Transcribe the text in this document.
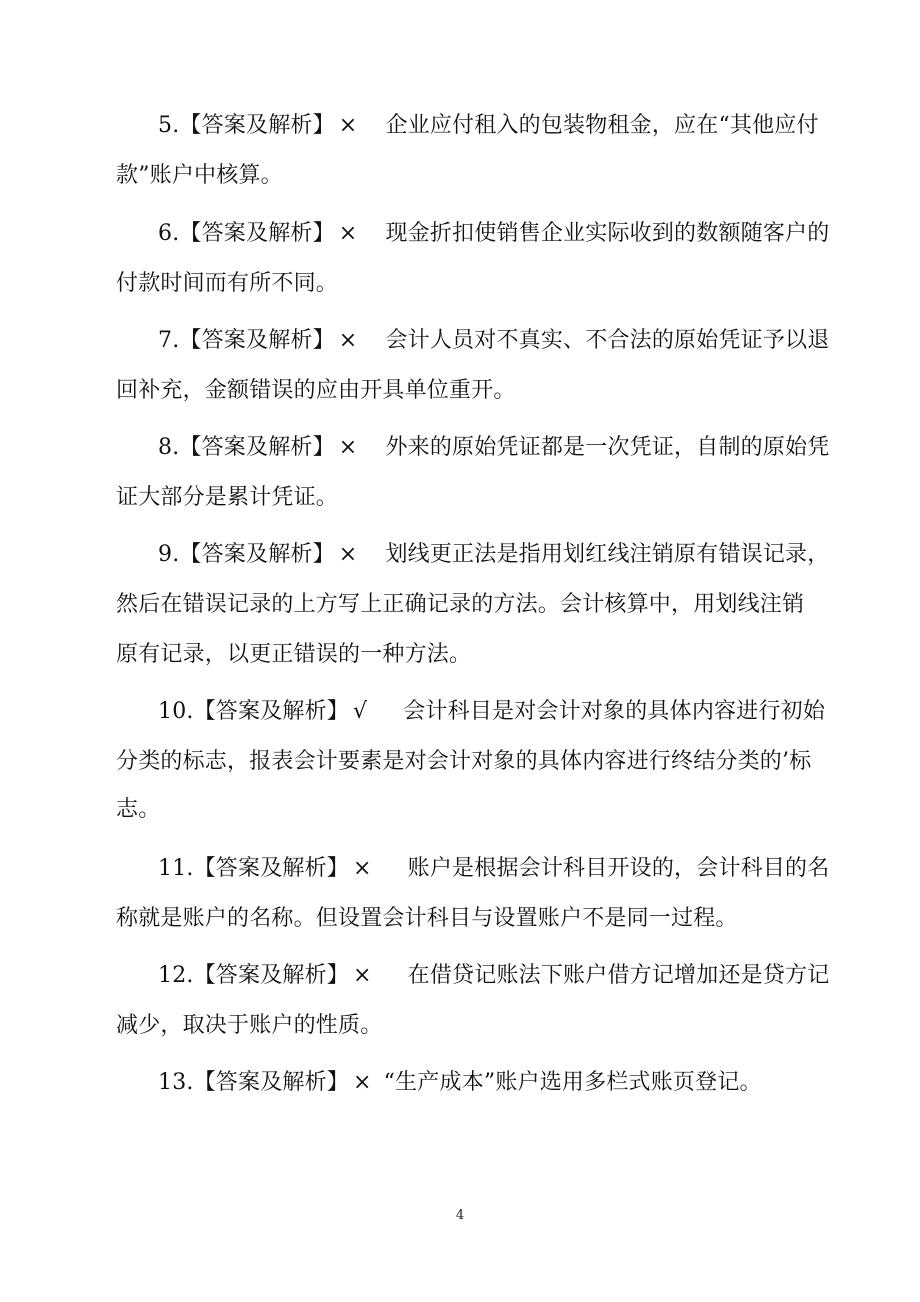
5.【答案及解析】 × 企业应付租入的包装物租金，应在“其他应付
款”账户中核算。
6.【答案及解析】 × 现金折扣使销售企业实际收到的数额随客户的
付款时间而有所不同。
7.【答案及解析】 × 会计人员对不真实、不合法的原始凭证予以退
回补充，金额错误的应由开具单位重开。
8.【答案及解析】 × 外来的原始凭证都是一次凭证，自制的原始凭
证大部分是累计凭证。
9.【答案及解析】 × 划线更正法是指用划红线注销原有错误记录，
然后在错误记录的上方写上正确记录的方法。会计核算中，用划线注销
原有记录，以更正错误的一种方法。
10.【答案及解析】 √ 会计科目是对会计对象的具体内容进行初始
分类的标志，报表会计要素是对会计对象的具体内容进行终结分类的’标
志。
11.【答案及解析】 × 账户是根据会计科目开设的，会计科目的名
称就是账户的名称。但设置会计科目与设置账户不是同一过程。
12.【答案及解析】 × 在借贷记账法下账户借方记增加还是贷方记
减少，取决于账户的性质。
13.【答案及解析】 × “生产成本”账户选用多栏式账页登记。
4
